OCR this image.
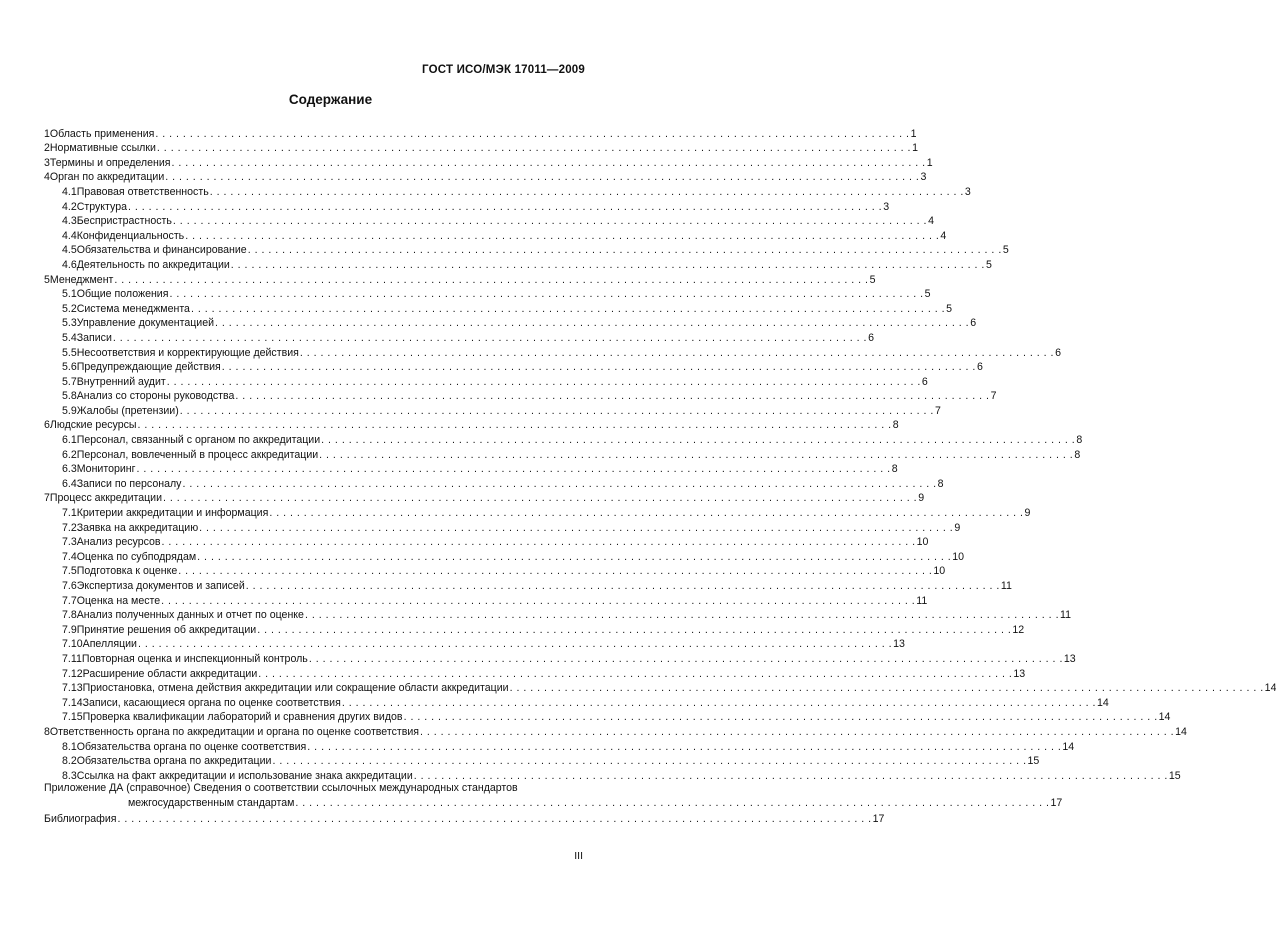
ГОСТ ИСО/МЭК 17011—2009
Содержание
1 Область применения . . .	1
2 Нормативные ссылки . . .	1
3 Термины и определения . . .	1
4 Орган по аккредитации . . .	3
4.1 Правовая ответственность . . .	3
4.2 Структура . . .	3
4.3 Беспристрастность . . .	4
4.4 Конфиденциальность . . .	4
4.5 Обязательства и финансирование . . .	5
4.6 Деятельность по аккредитации . . .	5
5 Менеджмент . . .	5
5.1 Общие положения . . .	5
5.2 Система менеджмента . . .	5
5.3 Управление документацией . . .	6
5.4 Записи . . .	6
5.5 Несоответствия и корректирующие действия . . .	6
5.6 Предупреждающие действия . . .	6
5.7 Внутренний аудит . . .	6
5.8 Анализ со стороны руководства . . .	7
5.9 Жалобы (претензии) . . .	7
6 Людские ресурсы . . .	8
6.1 Персонал, связанный с органом по аккредитации . . .	8
6.2 Персонал, вовлеченный в процесс аккредитации . . .	8
6.3 Мониторинг . . .	8
6.4 Записи по персоналу . . .	8
7 Процесс аккредитации . . .	9
7.1 Критерии аккредитации и информация . . .	9
7.2 Заявка на аккредитацию . . .	9
7.3 Анализ ресурсов . . .	10
7.4 Оценка по субподрядам . . .	10
7.5 Подготовка к оценке . . .	10
7.6 Экспертиза документов и записей . . .	11
7.7 Оценка на месте . . .	11
7.8 Анализ полученных данных и отчет по оценке . . .	11
7.9 Принятие решения об аккредитации . . .	12
7.10 Апелляции . . .	13
7.11 Повторная оценка и инспекционный контроль . . .	13
7.12 Расширение области аккредитации . . .	13
7.13 Приостановка, отмена действия аккредитации или сокращение области аккредитации . . .	14
7.14 Записи, касающиеся органа по оценке соответствия . . .	14
7.15 Проверка квалификации лабораторий и сравнения других видов . . .	14
8 Ответственность органа по аккредитации и органа по оценке соответствия . . .	14
8.1 Обязательства органа по оценке соответствия . . .	14
8.2 Обязательства органа по аккредитации . . .	15
8.3 Ссылка на факт аккредитации и использование знака аккредитации . . .	15
Приложение ДА (справочное) Сведения о соответствии ссылочных международных стандартов
межгосударственным стандартам . . .	17
Библиография . . .	17
III
